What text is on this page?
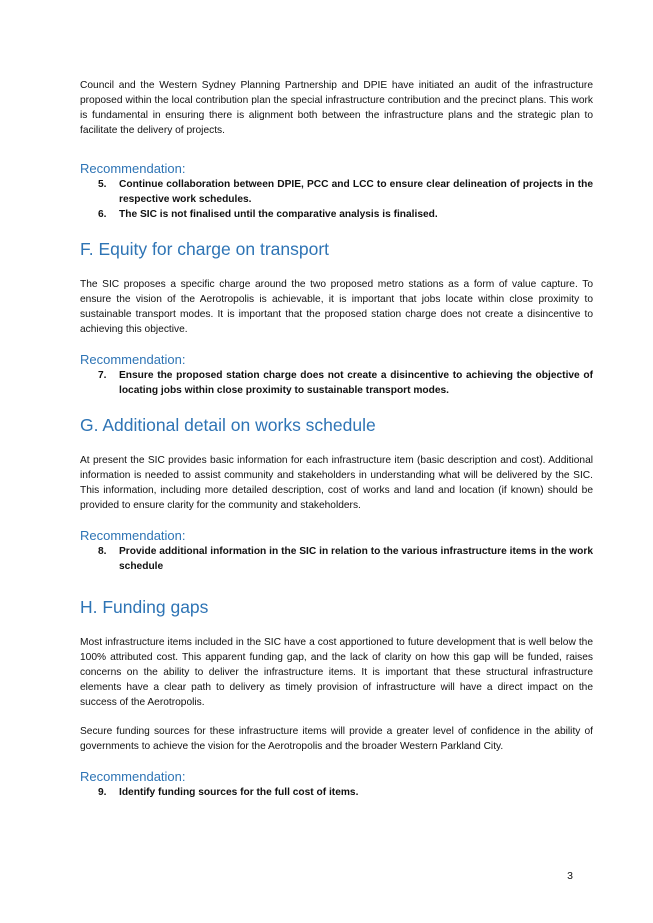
Council and the Western Sydney Planning Partnership and DPIE have initiated an audit of the infrastructure proposed within the local contribution plan the special infrastructure contribution and the precinct plans. This work is fundamental in ensuring there is alignment both between the infrastructure plans and the strategic plan to facilitate the delivery of projects.

Recommendation:
5. Continue collaboration between DPIE, PCC and LCC to ensure clear delineation of projects in the respective work schedules.
6. The SIC is not finalised until the comparative analysis is finalised.
F. Equity for charge on transport

The SIC proposes a specific charge around the two proposed metro stations as a form of value capture. To ensure the vision of the Aerotropolis is achievable, it is important that jobs locate within close proximity to sustainable transport modes. It is important that the proposed station charge does not create a disincentive to achieving this objective.

Recommendation:
7. Ensure the proposed station charge does not create a disincentive to achieving the objective of locating jobs within close proximity to sustainable transport modes.
G. Additional detail on works schedule

At present the SIC provides basic information for each infrastructure item (basic description and cost). Additional information is needed to assist community and stakeholders in understanding what will be delivered by the SIC. This information, including more detailed description, cost of works and land and location (if known) should be provided to ensure clarity for the community and stakeholders.

Recommendation:
8. Provide additional information in the SIC in relation to the various infrastructure items in the work schedule
H. Funding gaps

Most infrastructure items included in the SIC have a cost apportioned to future development that is well below the 100% attributed cost. This apparent funding gap, and the lack of clarity on how this gap will be funded, raises concerns on the ability to deliver the infrastructure items. It is important that these structural infrastructure elements have a clear path to delivery as timely provision of infrastructure will have a direct impact on the success of the Aerotropolis.

Secure funding sources for these infrastructure items will provide a greater level of confidence in the ability of governments to achieve the vision for the Aerotropolis and the broader Western Parkland City.

Recommendation:
9. Identify funding sources for the full cost of items.
3
